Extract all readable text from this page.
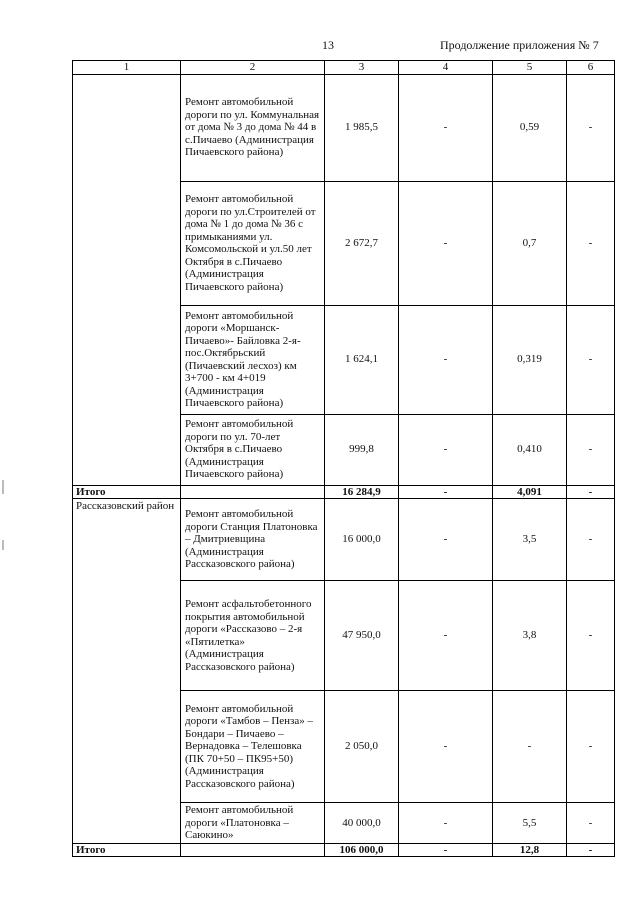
13	Продолжение приложения № 7
1	2	3	4	5	6
	Ремонт автомобильной дороги по ул. Коммунальная от дома № 3 до дома № 44 в с.Пичаево (Администрация Пичаевского района)	1 985,5	-	0,59	-
	Ремонт автомобильной дороги по ул.Строителей от дома № 1 до дома № 36 с примыканиями ул. Комсомольской и ул.50 лет Октября в с.Пичаево (Администрация Пичаевского района)	2 672,7	-	0,7	-
	Ремонт автомобильной дороги «Моршанск-Пичаево»- Байловка 2-я-пос.Октябрьский (Пичаевский лесхоз) км 3+700 - км 4+019 (Администрация Пичаевского района)	1 624,1	-	0,319	-
	Ремонт автомобильной дороги по ул. 70-лет Октября в с.Пичаево (Администрация Пичаевского района)	999,8	-	0,410	-
Итого		16 284,9	-	4,091	-
Рассказовский район	Ремонт автомобильной дороги Станция Платоновка – Дмитриевщина (Администрация Рассказовского района)	16 000,0	-	3,5	-
	Ремонт асфальтобетонного покрытия автомобильной дороги «Рассказово – 2-я «Пятилетка» (Администрация Рассказовского района)	47 950,0	-	3,8	-
	Ремонт автомобильной дороги «Тамбов – Пенза» – Бондари – Пичаево – Вернадовка – Телешовка (ПК 70+50 – ПК95+50) (Администрация Рассказовского района)	2 050,0	-	-	-
	Ремонт автомобильной дороги «Платоновка – Саюкино»	40 000,0	-	5,5	-
Итого		106 000,0	-	12,8	-
